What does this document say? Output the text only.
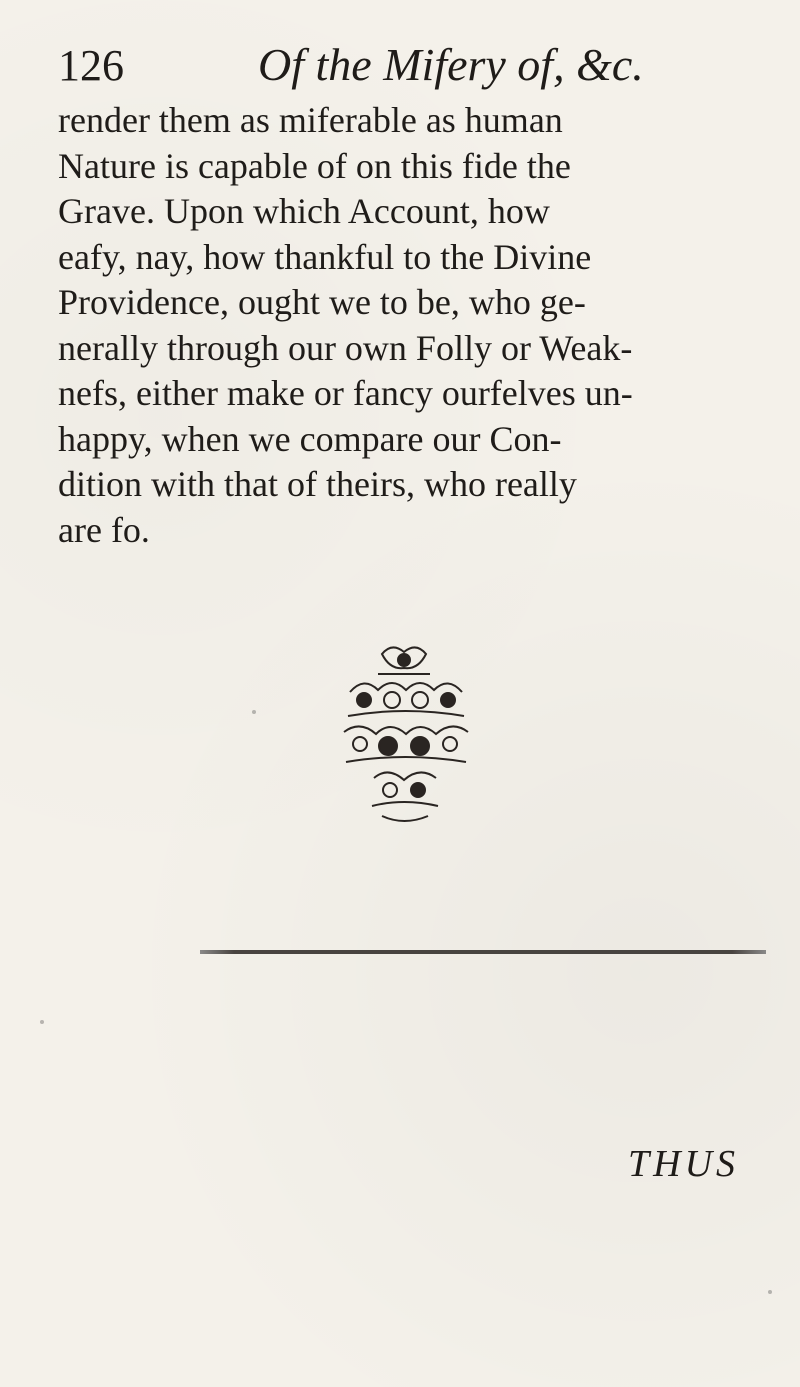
126	Of the Mifery of, &c.
render them as miferable as human
Nature is capable of on this fide the
Grave. Upon which Account, how
eafy, nay, how thankful to the Divine
Providence, ought we to be, who ge-
nerally through our own Folly or Weak-
nefs, either make or fancy ourfelves un-
happy, when we compare our Con-
dition with that of theirs, who really
are fo.
THUS
